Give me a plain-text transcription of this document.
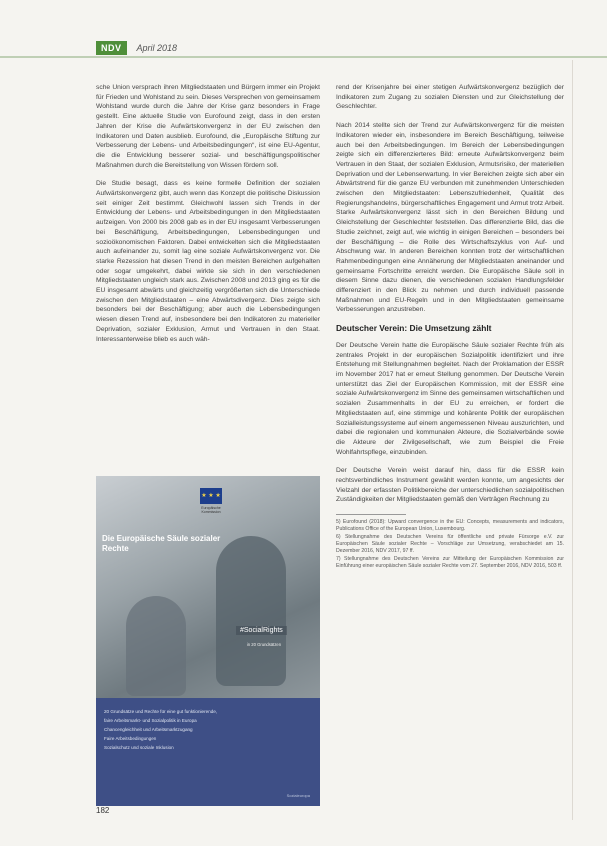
NDV	April 2018

sche Union versprach ihren Mitgliedstaaten und Bürgern immer ein Projekt für Frieden und Wohlstand zu sein. Dieses Versprechen von gemeinsamem Wohlstand wurde durch die Jahre der Krise ganz besonders in Frage gestellt. Eine aktuelle Studie von Eurofound zeigt, dass in den ersten Jahren der Krise die Aufwärtskonvergenz in der EU zwischen den Indikatoren und Daten ausblieb. Eurofound, die „Europäische Stiftung zur Verbesserung der Lebens- und Arbeitsbedingungen“, ist eine EU-Agentur, die die Entwicklung besserer sozial- und beschäftigungspolitischer Maßnahmen durch die Bereitstellung von Wissen fördern soll.

Die Studie besagt, dass es keine formelle Definition der sozialen Aufwärtskonvergenz gibt, auch wenn das Konzept die politische Diskussion seit einiger Zeit bestimmt. Gleichwohl lassen sich Trends in der Entwicklung der Lebens- und Arbeitsbedingungen in den Mitgliedstaaten aufzeigen. Von 2000 bis 2008 gab es in der EU insgesamt Verbesserungen bei Beschäftigung, Arbeitsbedingungen, Lebensbedingungen und sozioökonomischen Faktoren. Dabei entwickelten sich die Mitgliedstaaten auch aufeinander zu, somit lag eine soziale Aufwärtskonvergenz vor. Die starke Rezession hat diesen Trend in den meisten Bereichen aufgehalten oder sogar umgekehrt, dabei wirkte sie sich in den verschiedenen Mitgliedstaaten ungleich stark aus. Zwischen 2008 und 2013 ging es für die EU insgesamt abwärts und gleichzeitig vergrößerten sich die Unterschiede zwischen den Mitgliedstaaten – eine Abwärtsdivergenz. Dies zeigte sich besonders bei der Beschäftigung; aber auch die Lebensbedingungen wiesen diesen Trend auf, insbesondere bei den Indikatoren zu materieller Deprivation, sozialer Exklusion, Armut und Vertrauen in den Staat. Interessanterweise blieb es auch wäh-

rend der Krisenjahre bei einer stetigen Aufwärtskonvergenz bezüglich der Indikatoren zum Zugang zu sozialen Diensten und zur Gleichstellung der Geschlechter.

Nach 2014 stellte sich der Trend zur Aufwärtskonvergenz für die meisten Indikatoren wieder ein, insbesondere im Bereich Beschäftigung, teilweise auch bei den Arbeitsbedingungen. Im Bereich der Lebensbedingungen zeigte sich ein differenzierteres Bild: erneute Aufwärtskonvergenz beim Vertrauen in den Staat, der sozialen Exklusion, Armutsrisiko, der materiellen Deprivation und der Lebenserwartung. In vier Bereichen zeigte sich aber ein Abwärtstrend für die ganze EU verbunden mit zunehmenden Unterschieden zwischen den Mitgliedstaaten: Lebenszufriedenheit, Qualität des Regierungshandelns, bürgerschaftliches Engagement und Armut trotz Arbeit. Starke Aufwärtskonvergenz lässt sich in den Bereichen Bildung und Gleichstellung der Geschlechter feststellen. Das differenzierte Bild, das die Studie zeichnet, zeigt auf, wie wichtig in einigen Bereichen – besonders bei der Beschäftigung – die Rolle des Wirtschaftszyklus von Auf- und Abschwung war. In anderen Bereichen konnten trotz der wirtschaftlichen Rahmenbedingungen eine Annäherung der Mitgliedstaaten aneinander und gemeinsame Fortschritte erreicht werden. Die Europäische Säule soll in diesem Sinne dazu dienen, die verschiedenen sozialen Handlungsfelder differenziert in den Blick zu nehmen und durch individuell passende Maßnahmen und EU-Regeln und in den Mitgliedstaaten gemeinsame Verbesserungen anzustreben.

Deutscher Verein: Die Umsetzung zählt

Der Deutsche Verein hatte die Europäische Säule sozialer Rechte früh als zentrales Projekt in der europäischen Sozialpolitik identifiziert und ihre Entstehung mit Stellungnahmen begleitet. Nach der Proklamation der ESSR im November 2017 hat er erneut Stellung genommen. Der Deutsche Verein unterstützt das Ziel der Europäischen Kommission, mit der ESSR eine soziale Aufwärtskonvergenz im Sinne des gemeinsamen wirtschaftlichen und sozialen Zusammenhalts in der EU zu erreichen, er fordert die Mitgliedstaaten auf, eine stimmige und kohärente Politik der europäischen Sozialleistungssysteme auf einem angemessenen Niveau auszurichten, und dabei die regionalen und kommunalen Akteure, die Sozialverbände sowie die Akteure der Zivilgesellschaft, wie zum Beispiel die Freie Wohlfahrtspflege, einzubinden.

Der Deutsche Verein weist darauf hin, dass für die ESSR kein rechtsverbindliches Instrument gewählt werden konnte, um angesichts der Vielzahl der erfassten Politikbereiche der unterschiedlichen sozialpolitischen Zuständigkeiten der Mitgliedstaaten gemäß den Verträgen Rechnung zu

5) Eurofound (2018): Upward convergence in the EU: Concepts, measurements and indicators, Publications Office of the European Union, Luxembourg.
6) Stellungnahme des Deutschen Vereins für öffentliche und private Fürsorge e.V. zur Europäischen Säule sozialer Rechte – Vorschläge zur Umsetzung, verabschiedet am 15. Dezember 2016, NDV 2017, 97 ff.
7) Stellungnahme des Deutschen Vereins zur Mitteilung der Europäischen Kommission zur Einführung einer europäischen Säule sozialer Rechte vom 27. September 2016, NDV 2016, 503 ff.
★ ★ ★
Europäische Kommission
Die Europäische Säule sozialer Rechte
#SocialRights
in 20 Grundsätzen
20 Grundsätze und Rechte für eine gut funktionierende,
faire Arbeitsmarkt- und Sozialpolitik in Europa
Chancengleichheit und Arbeitsmarktzugang
Faire Arbeitsbedingungen
Sozialschutz und soziale Inklusion
Sozialeuropa
182
